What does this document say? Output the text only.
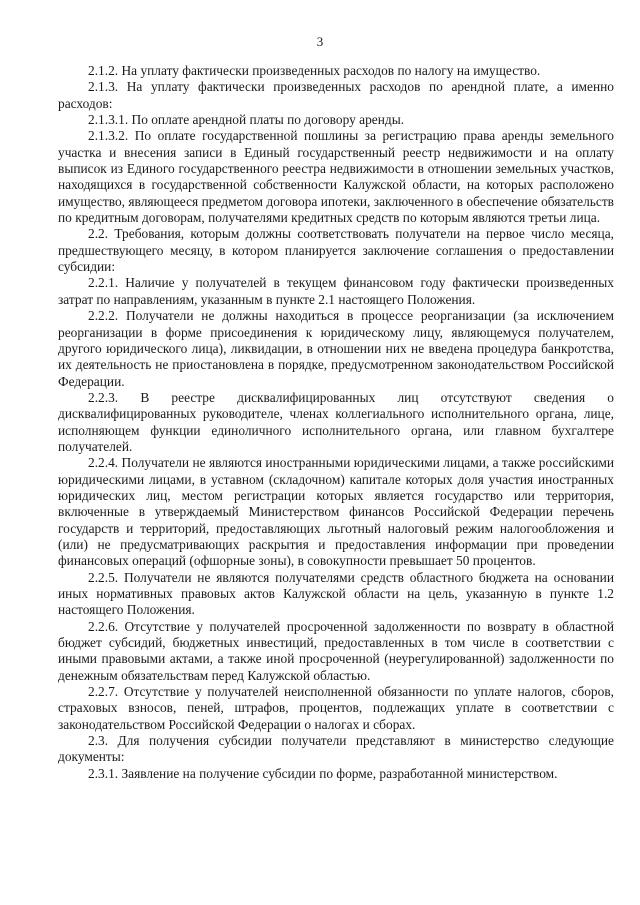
3

2.1.2. На уплату фактически произведенных расходов по налогу на имущество.

2.1.3. На уплату фактически произведенных расходов по арендной плате, а именно расходов:

2.1.3.1. По оплате арендной платы по договору аренды.

2.1.3.2. По оплате государственной пошлины за регистрацию права аренды земельного участка и внесения записи в Единый государственный реестр недвижимости и на оплату выписок из Единого государственного реестра недвижимости в отношении земельных участков, находящихся в государственной собственности Калужской области, на которых расположено имущество, являющееся предметом договора ипотеки, заключенного в обеспечение обязательств по кредитным договорам, получателями кредитных средств по которым являются третьи лица.

2.2. Требования, которым должны соответствовать получатели на первое число месяца, предшествующего месяцу, в котором планируется заключение соглашения о предоставлении субсидии:

2.2.1. Наличие у получателей в текущем финансовом году фактически произведенных затрат по направлениям, указанным в пункте 2.1 настоящего Положения.

2.2.2. Получатели не должны находиться в процессе реорганизации (за исключением реорганизации в форме присоединения к юридическому лицу, являющемуся получателем, другого юридического лица), ликвидации, в отношении них не введена процедура банкротства, их деятельность не приостановлена в порядке, предусмотренном законодательством Российской Федерации.

2.2.3. В реестре дисквалифицированных лиц отсутствуют сведения о дисквалифицированных руководителе, членах коллегиального исполнительного органа, лице, исполняющем функции единоличного исполнительного органа, или главном бухгалтере получателей.

2.2.4. Получатели не являются иностранными юридическими лицами, а также российскими юридическими лицами, в уставном (складочном) капитале которых доля участия иностранных юридических лиц, местом регистрации которых является государство или территория, включенные в утверждаемый Министерством финансов Российской Федерации перечень государств и территорий, предоставляющих льготный налоговый режим налогообложения и (или) не предусматривающих раскрытия и предоставления информации при проведении финансовых операций (офшорные зоны), в совокупности превышает 50 процентов.

2.2.5. Получатели не являются получателями средств областного бюджета на основании иных нормативных правовых актов Калужской области на цель, указанную в пункте 1.2 настоящего Положения.

2.2.6. Отсутствие у получателей просроченной задолженности по возврату в областной бюджет субсидий, бюджетных инвестиций, предоставленных в том числе в соответствии с иными правовыми актами, а также иной просроченной (неурегулированной) задолженности по денежным обязательствам перед Калужской областью.

2.2.7. Отсутствие у получателей неисполненной обязанности по уплате налогов, сборов, страховых взносов, пеней, штрафов, процентов, подлежащих уплате в соответствии с законодательством Российской Федерации о налогах и сборах.

2.3. Для получения субсидии получатели представляют в министерство следующие документы:

2.3.1. Заявление на получение субсидии по форме, разработанной министерством.
